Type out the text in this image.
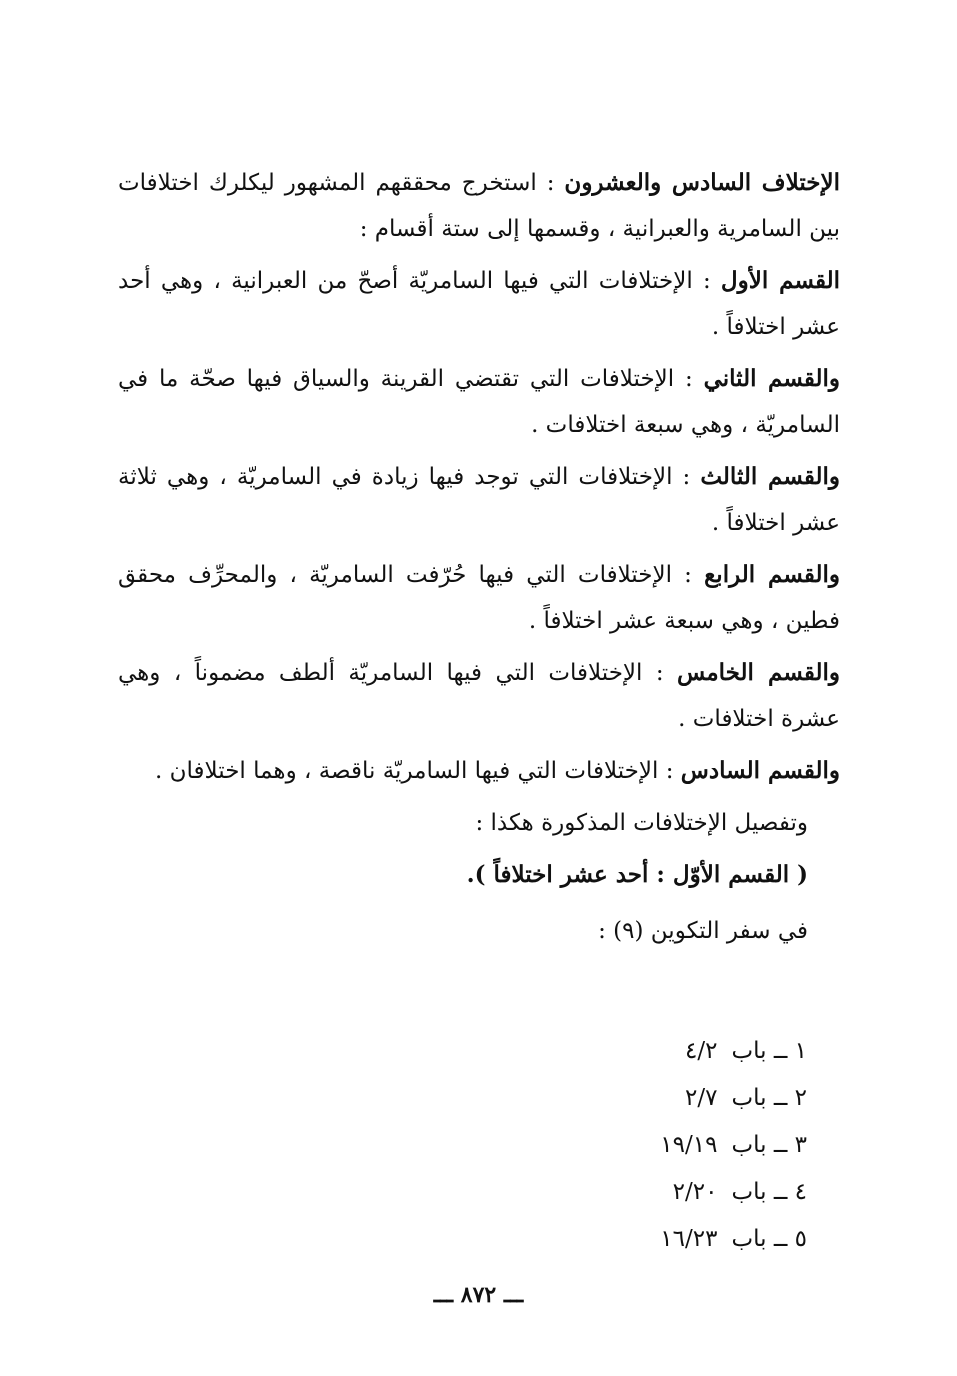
الإختلاف السادس والعشرون : استخرج محققهم المشهور ليكلرك اختلافات بين السامرية والعبرانية ، وقسمها إلى ستة أقسام :

القسم الأول : الإختلافات التي فيها السامريّة أصحّ من العبرانية ، وهي أحد عشر اختلافاً .

والقسم الثاني : الإختلافات التي تقتضي القرينة والسياق فيها صحّة ما في السامريّة ، وهي سبعة اختلافات .

والقسم الثالث : الإختلافات التي توجد فيها زيادة في السامريّة ، وهي ثلاثة عشر اختلافاً .

والقسم الرابع : الإختلافات التي فيها حُرّفت السامريّة ، والمحرِّف محقق فطين ، وهي سبعة عشر اختلافاً .

والقسم الخامس : الإختلافات التي فيها السامريّة ألطف مضموناً ، وهي عشرة اختلافات .

والقسم السادس : الإختلافات التي فيها السامريّة ناقصة ، وهما اختلافان .

وتفصيل الإختلافات المذكورة هكذا :

( القسم الأوّل : أحد عشر اختلافاً ).

في سفر التكوين (٩) :

١ ــ باب٤/٢
٢ ــ باب٢/٧
٣ ــ باب١٩/١٩
٤ ــ باب٢/٢٠
٥ ــ باب١٦/٢٣
ـــ ٨٧٢ ـــ
